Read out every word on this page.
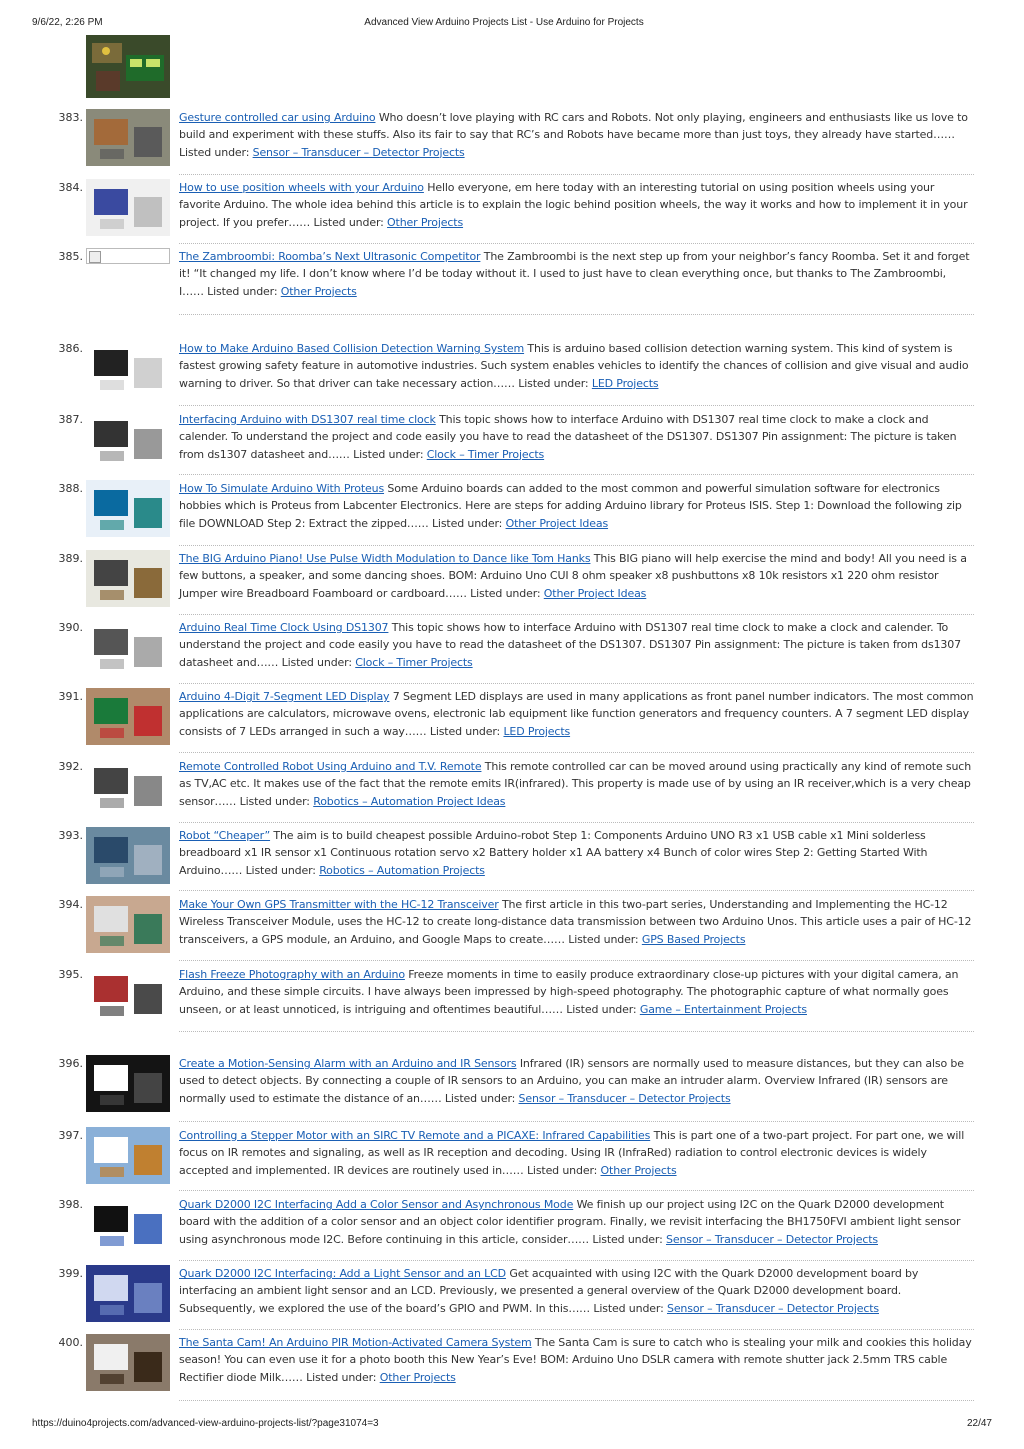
9/6/22, 2:26 PM	Advanced View Arduino Projects List - Use Arduino for Projects
383.	Gesture controlled car using Arduino Who doesn’t love playing with RC cars and Robots. Not only playing, engineers and enthusiasts like us love to build and experiment with these stuffs. Also its fair to say that RC’s and Robots have became more than just toys, they already have started…… Listed under: Sensor – Transducer – Detector Projects
384.	How to use position wheels with your Arduino Hello everyone, em here today with an interesting tutorial on using position wheels using your favorite Arduino. The whole idea behind this article is to explain the logic behind position wheels, the way it works and how to implement it in your project. If you prefer…… Listed under: Other Projects
385.	The Zambroombi: Roomba’s Next Ultrasonic Competitor The Zambroombi is the next step up from your neighbor’s fancy Roomba. Set it and forget it! “It changed my life. I don’t know where I’d be today without it. I used to just have to clean everything once, but thanks to The Zambroombi, I…… Listed under: Other Projects
386.	How to Make Arduino Based Collision Detection Warning System This is arduino based collision detection warning system. This kind of system is fastest growing safety feature in automotive industries. Such system enables vehicles to identify the chances of collision and give visual and audio warning to driver. So that driver can take necessary action…… Listed under: LED Projects
387.	Interfacing Arduino with DS1307 real time clock This topic shows how to interface Arduino with DS1307 real time clock to make a clock and calender. To understand the project and code easily you have to read the datasheet of the DS1307. DS1307 Pin assignment: The picture is taken from ds1307 datasheet and…… Listed under: Clock – Timer Projects
388.	How To Simulate Arduino With Proteus Some Arduino boards can added to the most common and powerful simulation software for electronics hobbies which is Proteus from Labcenter Electronics. Here are steps for adding Arduino library for Proteus ISIS. Step 1: Download the following zip file DOWNLOAD Step 2: Extract the zipped…… Listed under: Other Project Ideas
389.	The BIG Arduino Piano! Use Pulse Width Modulation to Dance like Tom Hanks This BIG piano will help exercise the mind and body! All you need is a few buttons, a speaker, and some dancing shoes. BOM: Arduino Uno CUI 8 ohm speaker x8 pushbuttons x8 10k resistors x1 220 ohm resistor Jumper wire Breadboard Foamboard or cardboard…… Listed under: Other Project Ideas
390.	Arduino Real Time Clock Using DS1307 This topic shows how to interface Arduino with DS1307 real time clock to make a clock and calender. To understand the project and code easily you have to read the datasheet of the DS1307. DS1307 Pin assignment: The picture is taken from ds1307 datasheet and…… Listed under: Clock – Timer Projects
391.	Arduino 4-Digit 7-Segment LED Display 7 Segment LED displays are used in many applications as front panel number indicators. The most common applications are calculators, microwave ovens, electronic lab equipment like function generators and frequency counters. A 7 segment LED display consists of 7 LEDs arranged in such a way…… Listed under: LED Projects
392.	Remote Controlled Robot Using Arduino and T.V. Remote This remote controlled car can be moved around using practically any kind of remote such as TV,AC etc. It makes use of the fact that the remote emits IR(infrared). This property is made use of by using an IR receiver,which is a very cheap sensor…… Listed under: Robotics – Automation Project Ideas
393.	Robot “Cheaper” The aim is to build cheapest possible Arduino-robot Step 1: Components Arduino UNO R3 x1 USB cable x1 Mini solderless breadboard x1 IR sensor x1 Continuous rotation servo x2 Battery holder x1 AA battery x4 Bunch of color wires Step 2: Getting Started With Arduino…… Listed under: Robotics – Automation Projects
394.	Make Your Own GPS Transmitter with the HC-12 Transceiver The first article in this two-part series, Understanding and Implementing the HC-12 Wireless Transceiver Module, uses the HC-12 to create long-distance data transmission between two Arduino Unos. This article uses a pair of HC-12 transceivers, a GPS module, an Arduino, and Google Maps to create…… Listed under: GPS Based Projects
395.	Flash Freeze Photography with an Arduino Freeze moments in time to easily produce extraordinary close-up pictures with your digital camera, an Arduino, and these simple circuits. I have always been impressed by high-speed photography. The photographic capture of what normally goes unseen, or at least unnoticed, is intriguing and oftentimes beautiful…… Listed under: Game – Entertainment Projects
396.	Create a Motion-Sensing Alarm with an Arduino and IR Sensors Infrared (IR) sensors are normally used to measure distances, but they can also be used to detect objects. By connecting a couple of IR sensors to an Arduino, you can make an intruder alarm. Overview Infrared (IR) sensors are normally used to estimate the distance of an…… Listed under: Sensor – Transducer – Detector Projects
397.	Controlling a Stepper Motor with an SIRC TV Remote and a PICAXE: Infrared Capabilities This is part one of a two-part project. For part one, we will focus on IR remotes and signaling, as well as IR reception and decoding. Using IR (InfraRed) radiation to control electronic devices is widely accepted and implemented. IR devices are routinely used in…… Listed under: Other Projects
398.	Quark D2000 I2C Interfacing Add a Color Sensor and Asynchronous Mode We finish up our project using I2C on the Quark D2000 development board with the addition of a color sensor and an object color identifier program. Finally, we revisit interfacing the BH1750FVI ambient light sensor using asynchronous mode I2C. Before continuing in this article, consider…… Listed under: Sensor – Transducer – Detector Projects
399.	Quark D2000 I2C Interfacing: Add a Light Sensor and an LCD Get acquainted with using I2C with the Quark D2000 development board by interfacing an ambient light sensor and an LCD. Previously, we presented a general overview of the Quark D2000 development board. Subsequently, we explored the use of the board’s GPIO and PWM. In this…… Listed under: Sensor – Transducer – Detector Projects
400.	The Santa Cam! An Arduino PIR Motion-Activated Camera System The Santa Cam is sure to catch who is stealing your milk and cookies this holiday season! You can even use it for a photo booth this New Year’s Eve! BOM: Arduino Uno DSLR camera with remote shutter jack 2.5mm TRS cable Rectifier diode Milk…… Listed under: Other Projects
https://duino4projects.com/advanced-view-arduino-projects-list/?page31074=3	22/47
